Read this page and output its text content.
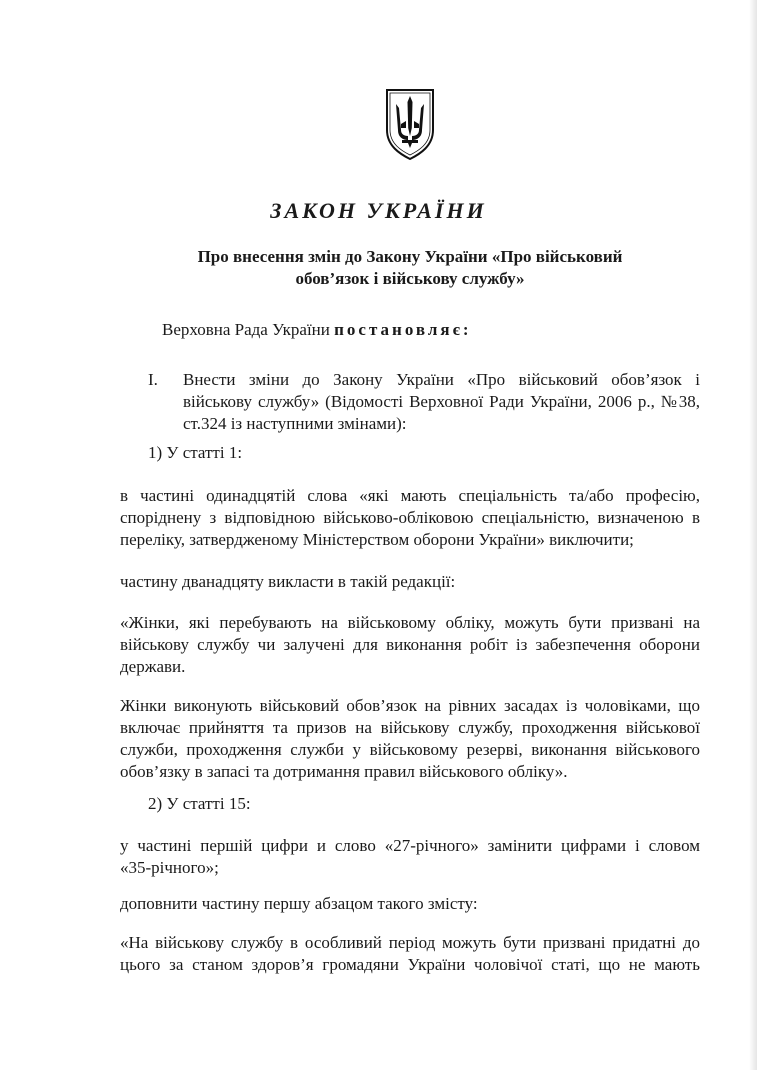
ЗАКОН УКРАЇНИ
Про внесення змін до Закону України «Про військовий
обов’язок і військову службу»
Верховна Рада України постановляє:
I. Внести зміни до Закону України «Про військовий обов’язок і
військову службу» (Відомості Верховної Ради України, 2006 р., №38,
ст.324 із наступними змінами):
1) У статті 1:
в частині одинадцятій слова «які мають спеціальність та/або професію,
споріднену з відповідною військово-обліковою спеціальністю, визначеною в
переліку, затвердженому Міністерством оборони України» виключити;
частину дванадцяту викласти в такій редакції:
«Жінки, які перебувають на військовому обліку, можуть бути призвані на
військову службу чи залучені для виконання робіт із забезпечення оборони
держави.
Жінки виконують військовий обов’язок на рівних засадах із чоловіками, що
включає прийняття та призов на військову службу, проходження військової
служби, проходження служби у військовому резерві, виконання військового
обов’язку в запасі та дотримання правил військового обліку».
2) У статті 15:
у частині першій цифри и слово «27-річного» замінити цифрами і словом
«35-річного»;
доповнити частину першу абзацом такого змісту:
«На військову службу в особливий період можуть бути призвані придатні до
цього за станом здоров’я громадяни України чоловічої статі, що не мають
